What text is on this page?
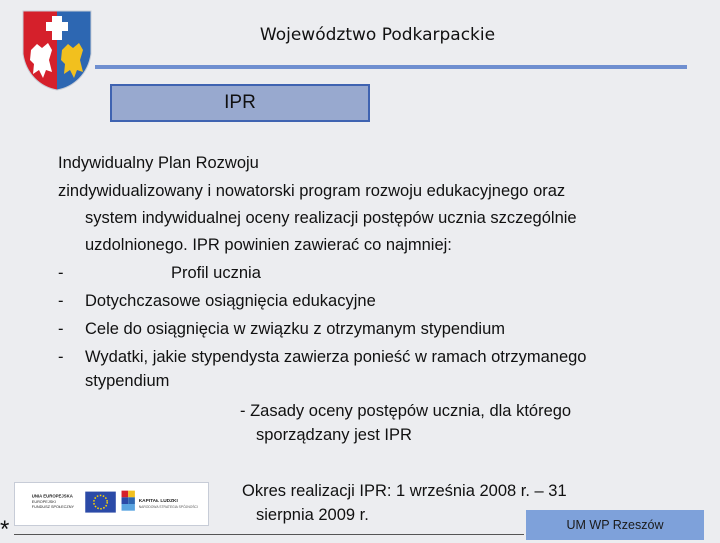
Województwo Podkarpackie
IPR
Indywidualny Plan Rozwoju
zindywidualizowany i nowatorski program rozwoju edukacyjnego oraz
system indywidualnej oceny realizacji postępów ucznia szczególnie
uzdolnionego. IPR powinien zawierać co najmniej:
-	Profil ucznia
- Dotychczasowe osiągnięcia edukacyjne
- Cele do osiągnięcia w związku z otrzymanym stypendium
- Wydatki, jakie stypendysta zawierza ponieść w ramach otrzymanego
stypendium
- Zasady oceny postępów ucznia, dla którego
sporządzany jest IPR
Okres realizacji IPR: 1 września 2008 r. – 31
sierpnia 2009 r.
UNIA EUROPEJSKA
EUROPEJSKI
FUNDUSZ SPOŁECZNY
KAPITAŁ LUDZKI
NARODOWA STRATEGIA SPÓJNOŚCI
*	UM WP Rzeszów
